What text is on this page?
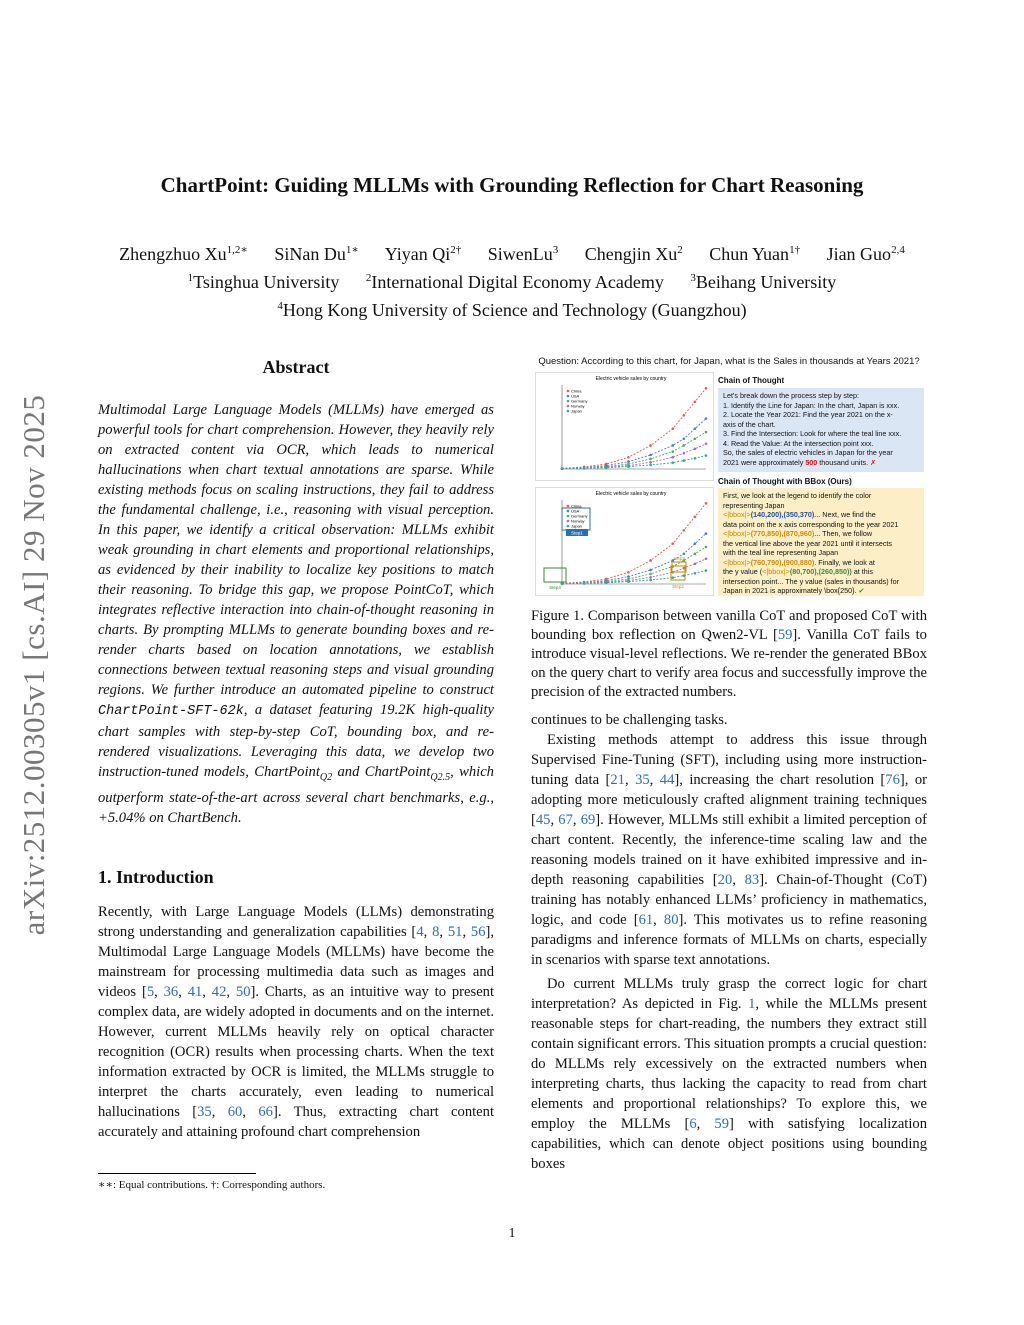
ChartPoint: Guiding MLLMs with Grounding Reflection for Chart Reasoning
Zhengzhuo $Xu^{1,2∗}$ SiNan $Du^{1∗}$ Yiyan $Qi^{2\dagger}$ SiwenLu$^3$ Chengjin Xu$^2$ Chun Yuan$^{1\dagger}$ Jian Guo$^{2,4}$
$^1$Tsinghua University $^2$International Digital Economy Academy $^3$Beihang University
$^4$Hong Kong University of Science and Technology (Guangzhou)
arXiv:2512.00305v1 [cs.AI] 29 Nov 2025
Abstract
Multimodal Large Language Models (MLLMs) have emerged as powerful tools for chart comprehension. However, they heavily rely on extracted content via OCR, which leads to numerical hallucinations when chart textual annotations are sparse. While existing methods focus on scaling instructions, they fail to address the fundamental challenge, i.e., reasoning with visual perception. In this paper, we identify a critical observation: MLLMs exhibit weak grounding in chart elements and proportional relationships, as evidenced by their inability to localize key positions to match their reasoning. To bridge this gap, we propose PointCoT, which integrates reflective interaction into chain-of-thought reasoning in charts. By prompting MLLMs to generate bounding boxes and re-render charts based on location annotations, we establish connections between textual reasoning steps and visual grounding regions. We further introduce an automated pipeline to construct ChartPoint-SFT-62k, a dataset featuring 19.2K high-quality chart samples with step-by-step CoT, bounding box, and re-rendered visualizations. Leveraging this data, we develop two instruction-tuned models, ChartPoint$_{Q2}$ and ChartPoint$_{Q2.5}$, which outperform state-of-the-art across several chart benchmarks, e.g., +5.04% on ChartBench.
1. Introduction
Recently, with Large Language Models (LLMs) demonstrating strong understanding and generalization capabilities [4, 8, 51, 56], Multimodal Large Language Models (MLLMs) have become the mainstream for processing multimedia data such as images and videos [5, 36, 41, 42, 50]. Charts, as an intuitive way to present complex data, are widely adopted in documents and on the internet. However, current MLLMs heavily rely on optical character recognition (OCR) results when processing charts. When the text information extracted by OCR is limited, the MLLMs struggle to interpret the charts accurately, even leading to numerical hallucinations [35, 60, 66]. Thus, extracting chart content accurately and attaining profound chart comprehension
∗∗: Equal contributions. †: Corresponding authors.
1
Question: According to this chart, for Japan, what is the Sales in thousands at Years 2021?
Electric vehicle sales by country
China
USA
Germany
Norway
Japan
Electric vehicle sales by country
China
USA
Germany
Norway
Japan
Step1
Step2
Step3
Step4
Chain of Thought
Let's break down the process step by step:
1. Identify the Line for Japan: In the chart, Japan is xxx.
2. Locate the Year 2021: Find the year 2021 on the x-
axis of the chart.
3. Find the Intersection: Look for where the teal line xxx.
4. Read the Value: At the intersection point xxx.
So, the sales of electric vehicles in Japan for the year
2021 were approximately 500 thousand units. ✗
Chain of Thought with BBox (Ours)
First, we look at the legend to identify the color
representing Japan
<|bbox|>(140,200),(350,370)... Next, we find the
data point on the x axis corresponding to the year 2021
<|bbox|>(770,850),(870,960)... Then, we follow
the vertical line above the year 2021 until it intersects
with the teal line representing Japan
<|bbox|>(760,790),(900,880). Finally, we look at
the y value (<|bbox|>(80,700),(260,850)) at this
intersection point... The y value (sales in thousands) for
Japan in 2021 is approximately \box{250}. ✔
Figure 1. Comparison between vanilla CoT and proposed CoT with bounding box reflection on Qwen2-VL [59]. Vanilla CoT fails to introduce visual-level reflections. We re-render the generated BBox on the query chart to verify area focus and successfully improve the precision of the extracted numbers.

continues to be challenging tasks.

Existing methods attempt to address this issue through Supervised Fine-Tuning (SFT), including using more instruction-tuning data [21, 35, 44], increasing the chart resolution [76], or adopting more meticulously crafted alignment training techniques [45, 67, 69]. However, MLLMs still exhibit a limited perception of chart content. Recently, the inference-time scaling law and the reasoning models trained on it have exhibited impressive and in-depth reasoning capabilities [20, 83]. Chain-of-Thought (CoT) training has notably enhanced LLMs’ proficiency in mathematics, logic, and code [61, 80]. This motivates us to refine reasoning paradigms and inference formats of MLLMs on charts, especially in scenarios with sparse text annotations.

Do current MLLMs truly grasp the correct logic for chart interpretation? As depicted in Fig. 1, while the MLLMs present reasonable steps for chart-reading, the numbers they extract still contain significant errors. This situation prompts a crucial question: do MLLMs rely excessively on the extracted numbers when interpreting charts, thus lacking the capacity to read from chart elements and proportional relationships? To explore this, we employ the MLLMs [6, 59] with satisfying localization capabilities, which can denote object positions using bounding boxes
